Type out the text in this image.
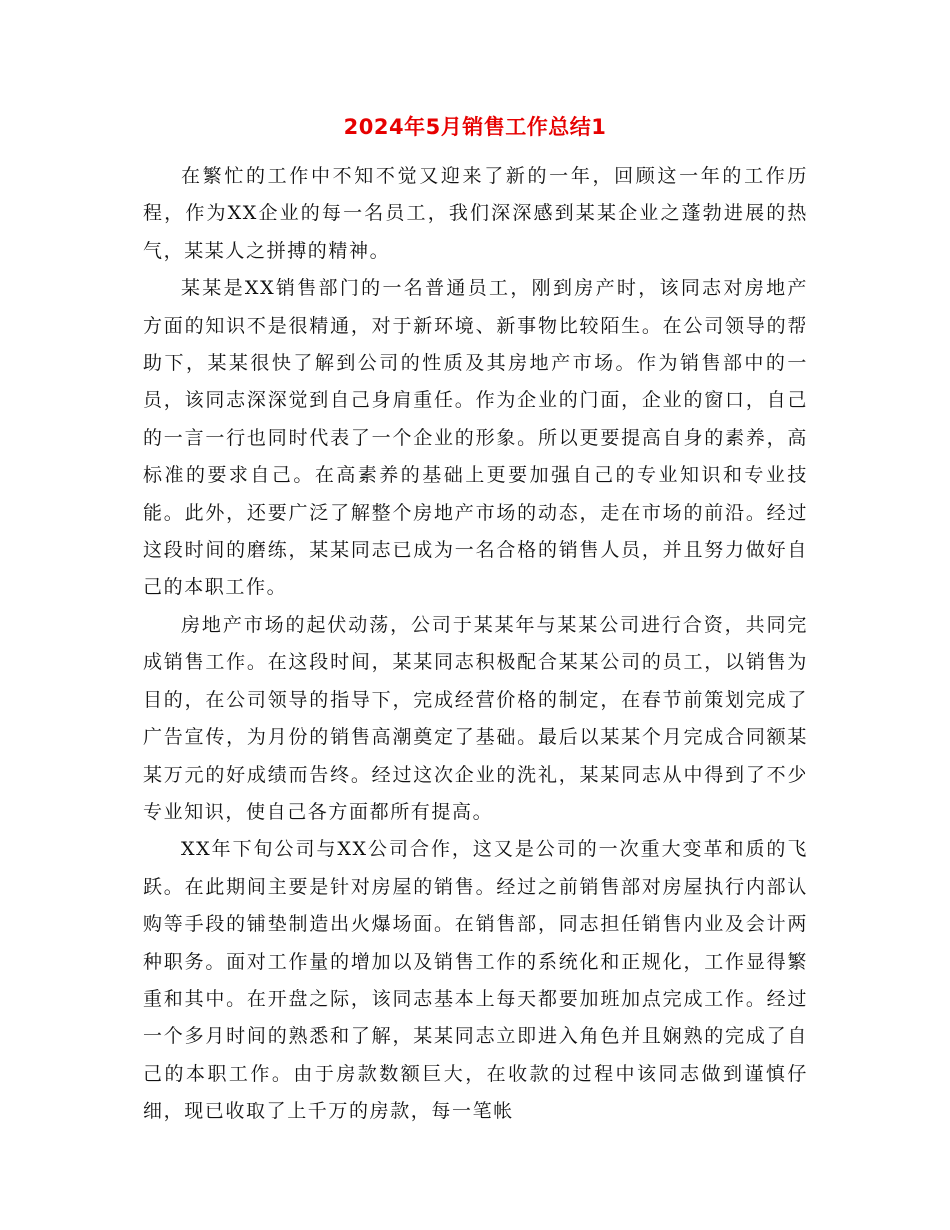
2024年5月销售工作总结1

在繁忙的工作中不知不觉又迎来了新的一年，回顾这一年的工作历程，作为XX企业的每一名员工，我们深深感到某某企业之蓬勃进展的热气，某某人之拼搏的精神。

某某是XX销售部门的一名普通员工，刚到房产时，该同志对房地产方面的知识不是很精通，对于新环境、新事物比较陌生。在公司领导的帮助下，某某很快了解到公司的性质及其房地产市场。作为销售部中的一员，该同志深深觉到自己身肩重任。作为企业的门面，企业的窗口，自己的一言一行也同时代表了一个企业的形象。所以更要提高自身的素养，高标准的要求自己。在高素养的基础上更要加强自己的专业知识和专业技能。此外，还要广泛了解整个房地产市场的动态，走在市场的前沿。经过这段时间的磨练，某某同志已成为一名合格的销售人员，并且努力做好自己的本职工作。

房地产市场的起伏动荡，公司于某某年与某某公司进行合资，共同完成销售工作。在这段时间，某某同志积极配合某某公司的员工，以销售为目的，在公司领导的指导下，完成经营价格的制定，在春节前策划完成了广告宣传，为月份的销售高潮奠定了基础。最后以某某个月完成合同额某某万元的好成绩而告终。经过这次企业的洗礼，某某同志从中得到了不少专业知识，使自己各方面都所有提高。

XX年下旬公司与XX公司合作，这又是公司的一次重大变革和质的飞跃。在此期间主要是针对房屋的销售。经过之前销售部对房屋执行内部认购等手段的铺垫制造出火爆场面。在销售部，同志担任销售内业及会计两种职务。面对工作量的增加以及销售工作的系统化和正规化，工作显得繁重和其中。在开盘之际，该同志基本上每天都要加班加点完成工作。经过一个多月时间的熟悉和了解，某某同志立即进入角色并且娴熟的完成了自己的本职工作。由于房款数额巨大，在收款的过程中该同志做到谨慎仔细，现已收取了上千万的房款，每一笔帐
